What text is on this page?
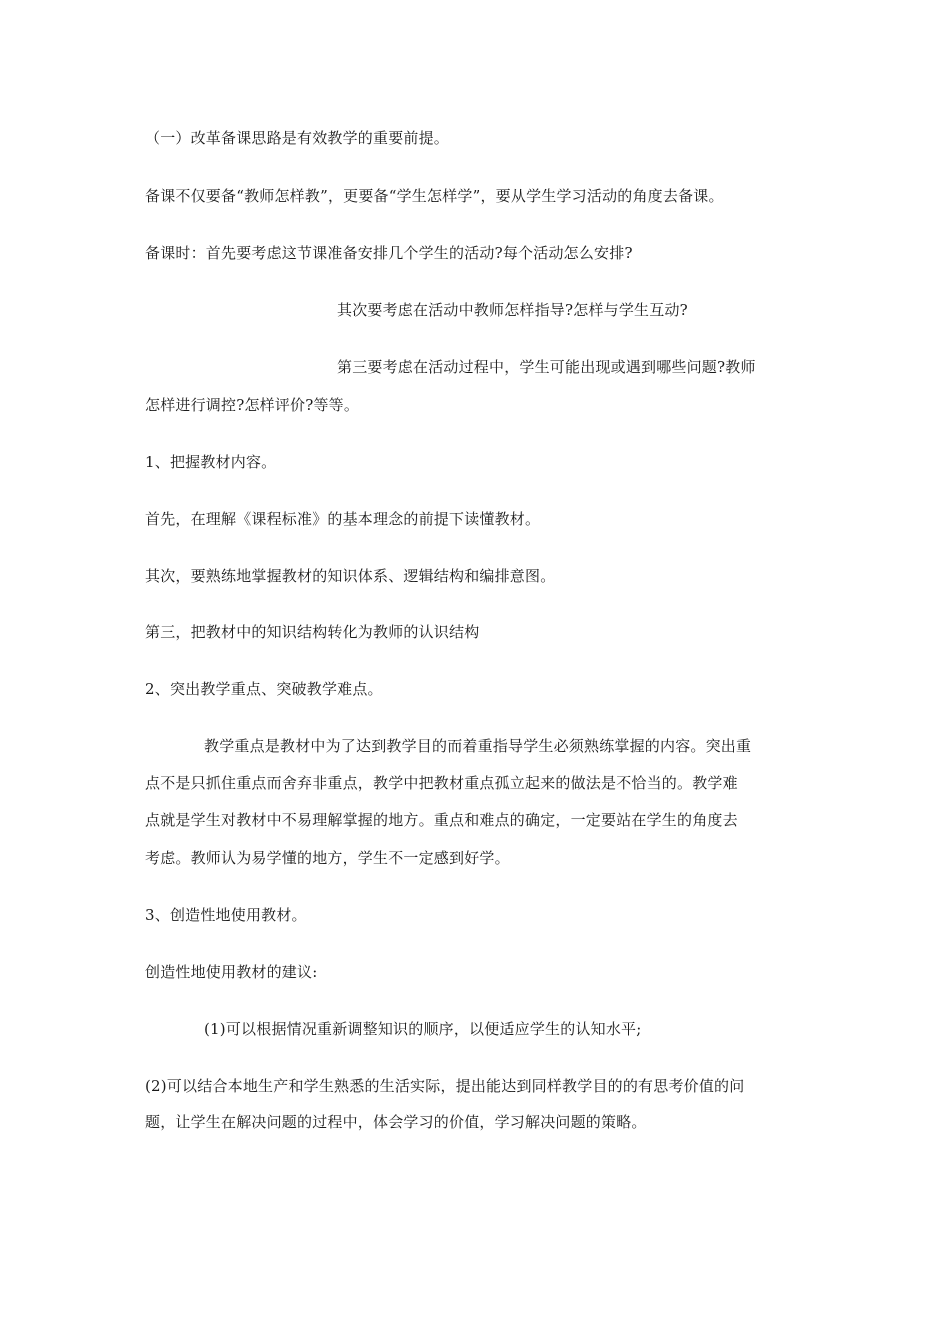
（一）改革备课思路是有效教学的重要前提。
备课不仅要备“教师怎样教”，更要备“学生怎样学”，要从学生学习活动的角度去备课。
备课时：首先要考虑这节课准备安排几个学生的活动?每个活动怎么安排?
其次要考虑在活动中教师怎样指导?怎样与学生互动?
第三要考虑在活动过程中，学生可能出现或遇到哪些问题?教师
怎样进行调控?怎样评价?等等。
1、把握教材内容。
首先，在理解《课程标准》的基本理念的前提下读懂教材。
其次，要熟练地掌握教材的知识体系、逻辑结构和编排意图。
第三，把教材中的知识结构转化为教师的认识结构
2、突出教学重点、突破教学难点。
教学重点是教材中为了达到教学目的而着重指导学生必须熟练掌握的内容。突出重
点不是只抓住重点而舍弃非重点，教学中把教材重点孤立起来的做法是不恰当的。教学难
点就是学生对教材中不易理解掌握的地方。重点和难点的确定，一定要站在学生的角度去
考虑。教师认为易学懂的地方，学生不一定感到好学。
3、创造性地使用教材。
创造性地使用教材的建议:
(1)可以根据情况重新调整知识的顺序，以便适应学生的认知水平;
(2)可以结合本地生产和学生熟悉的生活实际，提出能达到同样教学目的的有思考价值的问
题，让学生在解决问题的过程中，体会学习的价值，学习解决问题的策略。
